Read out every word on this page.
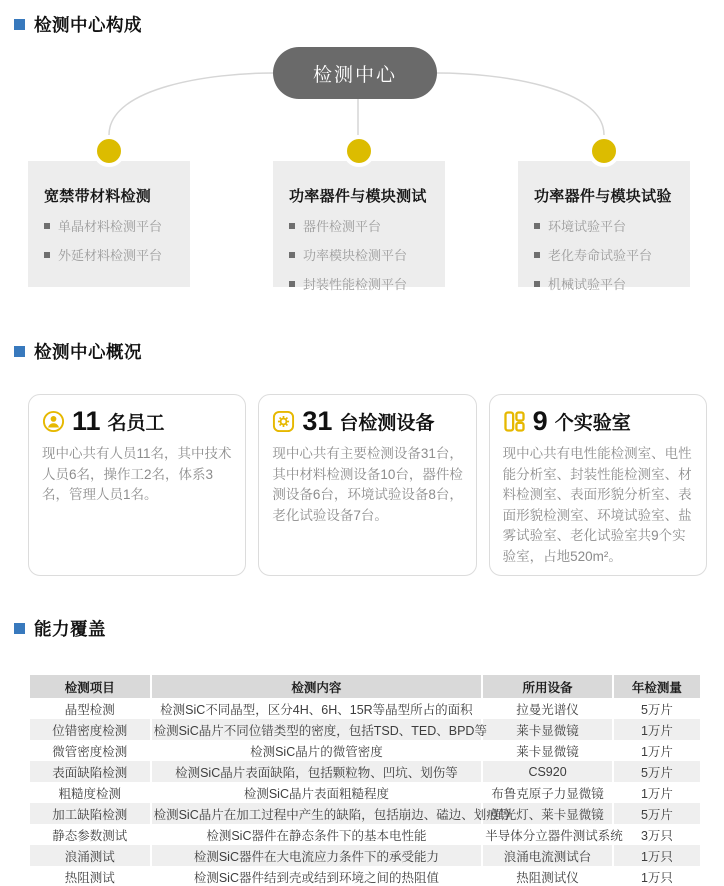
检测中心构成
检测中心
宽禁带材料检测
单晶材料检测平台
外延材料检测平台
功率器件与模块测试
器件检测平台
功率模块检测平台
封装性能检测平台
功率器件与模块试验
环境试验平台
老化寿命试验平台
机械试验平台
检测中心概况
11 名员工
现中心共有人员11名，其中技术人员6名，操作工2名，体系3名，管理人员1名。
31 台检测设备
现中心共有主要检测设备31台，其中材料检测设备10台，器件检测设备6台，环境试验设备8台，老化试验设备7台。
9 个实验室
现中心共有电性能检测室、电性能分析室、封装性能检测室、材料检测室、表面形貌分析室、表面形貌检测室、环境试验室、盐雾试验室、老化试验室共9个实验室，占地520m²。
能力覆盖
检测项目	检测内容	所用设备	年检测量
晶型检测	检测SiC不同晶型，区分4H、6H、15R等晶型所占的面积	拉曼光谱仪	5万片
位错密度检测	检测SiC晶片不同位错类型的密度，包括TSD、TED、BPD等	莱卡显微镜	1万片
微管密度检测	检测SiC晶片的微管密度	莱卡显微镜	1万片
表面缺陷检测	检测SiC晶片表面缺陷，包括颗粒物、凹坑、划伤等	CS920	5万片
粗糙度检测	检测SiC晶片表面粗糙程度	布鲁克原子力显微镜	1万片
加工缺陷检测	检测SiC晶片在加工过程中产生的缺陷，包括崩边、磕边、划痕等	强光灯、莱卡显微镜	5万片
静态参数测试	检测SiC器件在静态条件下的基本电性能	半导体分立器件测试系统	3万只
浪涌测试	检测SiC器件在大电流应力条件下的承受能力	浪涌电流测试台	1万只
热阻测试	检测SiC器件结到壳或结到环境之间的热阻值	热阻测试仪	1万只
